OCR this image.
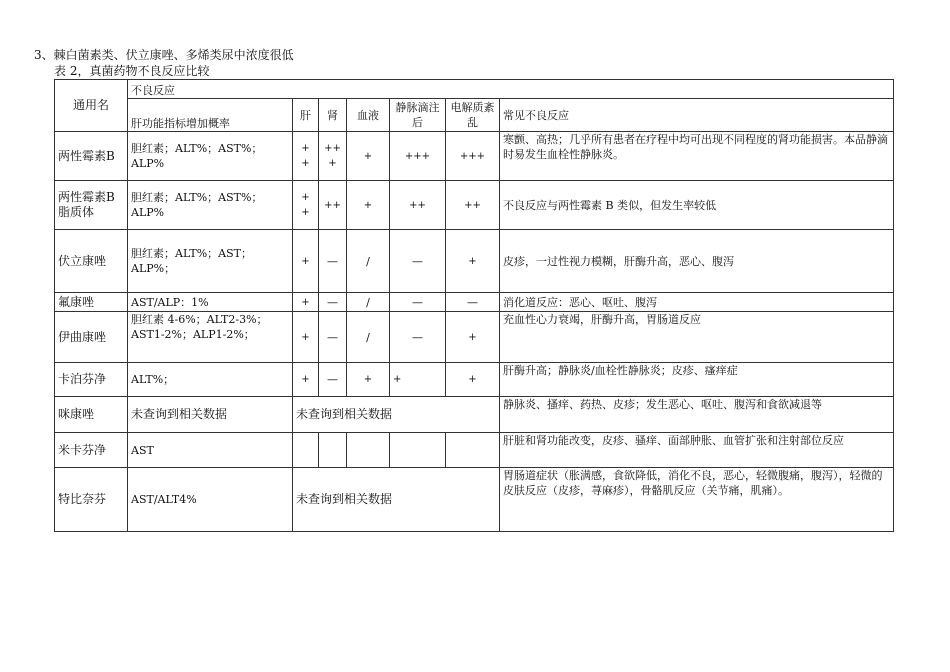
3、棘白菌素类、伏立康唑、多烯类尿中浓度很低

表 2，真菌药物不良反应比较

通用名	不良反应						
	肝功能指标增加概率	肝	肾	血液	静脉滴注后	电解质紊乱	常见不良反应
两性霉素B	胆红素；ALT%；AST%；ALP%	+ +	++ +	+	+++	+++	寒颤、高热；几乎所有患者在疗程中均可出现不同程度的肾功能损害。本品静滴时易发生血栓性静脉炎。
两性霉素B脂质体	胆红素；ALT%；AST%；ALP%	+ +	++	+	++	++	不良反应与两性霉素 B 类似，但发生率较低
伏立康唑	胆红素；ALT%；AST；ALP%；	+	—	/	—	+	皮疹，一过性视力模糊，肝酶升高，恶心、腹泻
氟康唑	AST/ALP：1%	+	—	/	—	—	消化道反应：恶心、呕吐、腹泻
伊曲康唑	胆红素 4-6%；ALT2-3%；AST1-2%；ALP1-2%；	+	—	/	—	+	充血性心力衰竭，肝酶升高，胃肠道反应
卡泊芬净	ALT%；	+	—	+	+	+	肝酶升高；静脉炎/血栓性静脉炎；皮疹、瘙痒症
咪康唑	未查询到相关数据	未查询到相关数据					静脉炎、搔痒、药热、皮疹；发生恶心、呕吐、腹泻和食欲减退等
米卡芬净	AST						肝脏和肾功能改变，皮疹、骚痒、面部肿胀、血管扩张和注射部位反应
特比奈芬	AST/ALT4%	未查询到相关数据					胃肠道症状（胀满感，食欲降低，消化不良，恶心，轻微腹痛，腹泻），轻微的皮肤反应（皮疹，荨麻疹），骨骼肌反应（关节痛，肌痛）。
